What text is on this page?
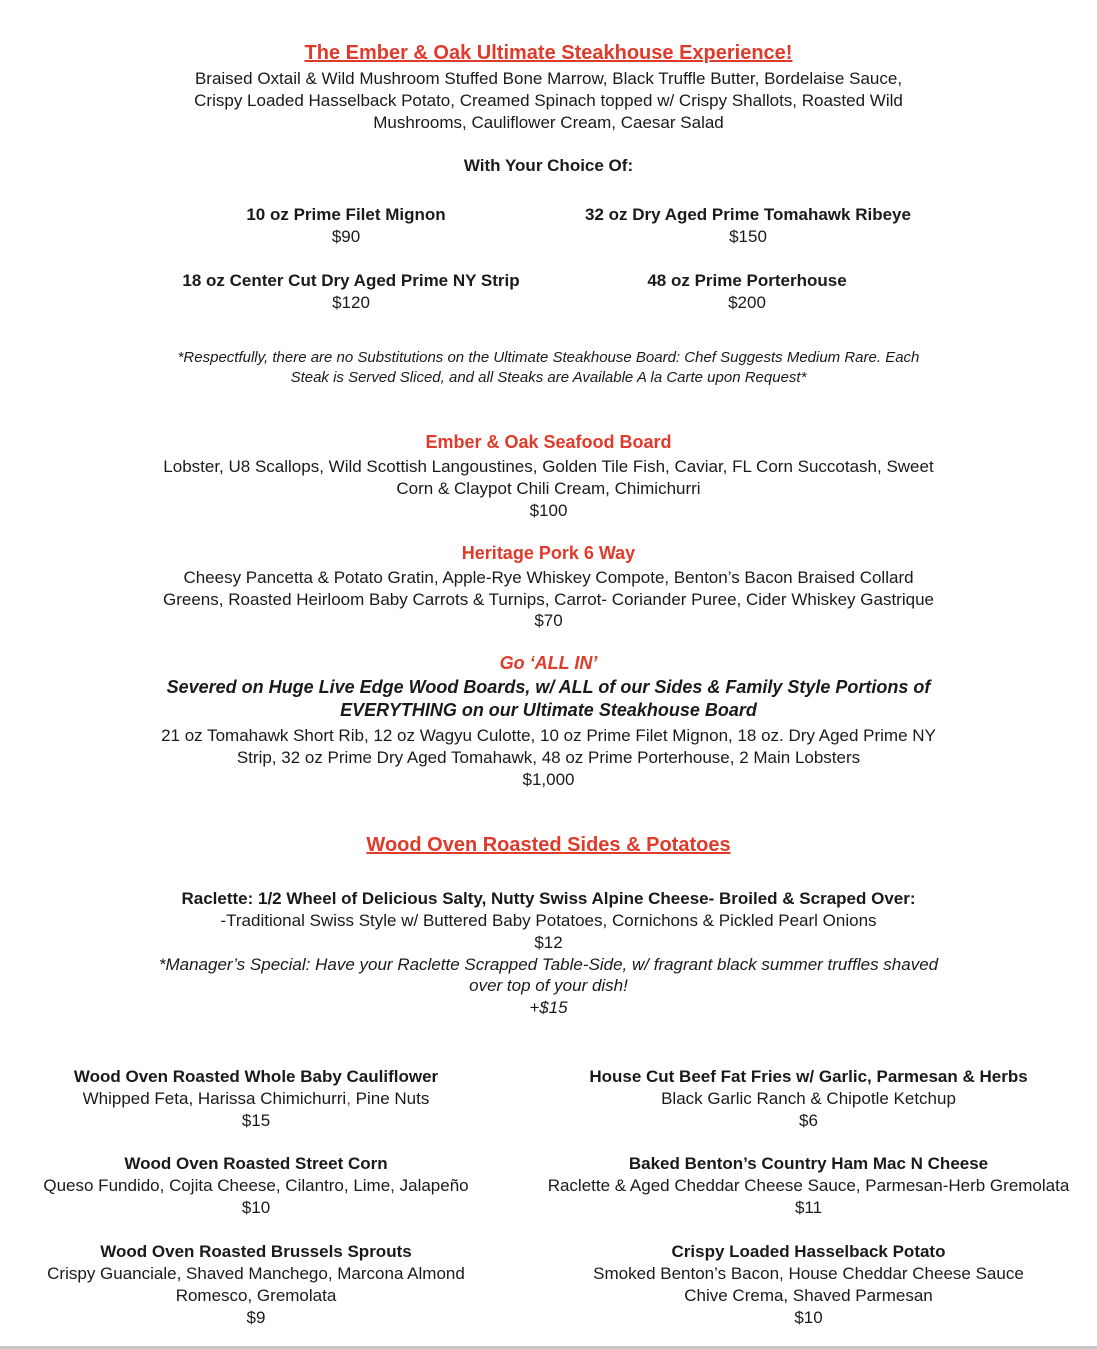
The Ember & Oak Ultimate Steakhouse Experience!
Braised Oxtail & Wild Mushroom Stuffed Bone Marrow, Black Truffle Butter, Bordelaise Sauce,
Crispy Loaded Hasselback Potato, Creamed Spinach topped w/ Crispy Shallots, Roasted Wild
Mushrooms, Cauliflower Cream, Caesar Salad
With Your Choice Of:
10 oz Prime Filet Mignon
$90
32 oz Dry Aged Prime Tomahawk Ribeye
$150
18 oz Center Cut Dry Aged Prime NY Strip
$120
48 oz Prime Porterhouse
$200
*Respectfully, there are no Substitutions on the Ultimate Steakhouse Board: Chef Suggests Medium Rare. Each
Steak is Served Sliced, and all Steaks are Available A la Carte upon Request*
Ember & Oak Seafood Board
Lobster, U8 Scallops, Wild Scottish Langoustines, Golden Tile Fish, Caviar, FL Corn Succotash, Sweet
Corn & Claypot Chili Cream, Chimichurri
$100
Heritage Pork 6 Way
Cheesy Pancetta & Potato Gratin, Apple-Rye Whiskey Compote, Benton’s Bacon Braised Collard
Greens, Roasted Heirloom Baby Carrots & Turnips, Carrot- Coriander Puree, Cider Whiskey Gastrique
$70
Go ‘ALL IN’
Severed on Huge Live Edge Wood Boards, w/ ALL of our Sides & Family Style Portions of
EVERYTHING on our Ultimate Steakhouse Board
21 oz Tomahawk Short Rib, 12 oz Wagyu Culotte, 10 oz Prime Filet Mignon, 18 oz. Dry Aged Prime NY
Strip, 32 oz Prime Dry Aged Tomahawk, 48 oz Prime Porterhouse, 2 Main Lobsters
$1,000
Wood Oven Roasted Sides & Potatoes
Raclette: 1/2 Wheel of Delicious Salty, Nutty Swiss Alpine Cheese- Broiled & Scraped Over:
-Traditional Swiss Style w/ Buttered Baby Potatoes, Cornichons & Pickled Pearl Onions
$12
*Manager’s Special: Have your Raclette Scrapped Table-Side, w/ fragrant black summer truffles shaved
over top of your dish!
+$15
Wood Oven Roasted Whole Baby Cauliflower
Whipped Feta, Harissa Chimichurri, Pine Nuts
$15
Wood Oven Roasted Street Corn
Queso Fundido, Cojita Cheese, Cilantro, Lime, Jalapeño
$10
Wood Oven Roasted Brussels Sprouts
Crispy Guanciale, Shaved Manchego, Marcona Almond
Romesco, Gremolata
$9
House Cut Beef Fat Fries w/ Garlic, Parmesan & Herbs
Black Garlic Ranch & Chipotle Ketchup
$6
Baked Benton’s Country Ham Mac N Cheese
Raclette & Aged Cheddar Cheese Sauce, Parmesan-Herb Gremolata
$11
Crispy Loaded Hasselback Potato
Smoked Benton’s Bacon, House Cheddar Cheese Sauce
Chive Crema, Shaved Parmesan
$10
